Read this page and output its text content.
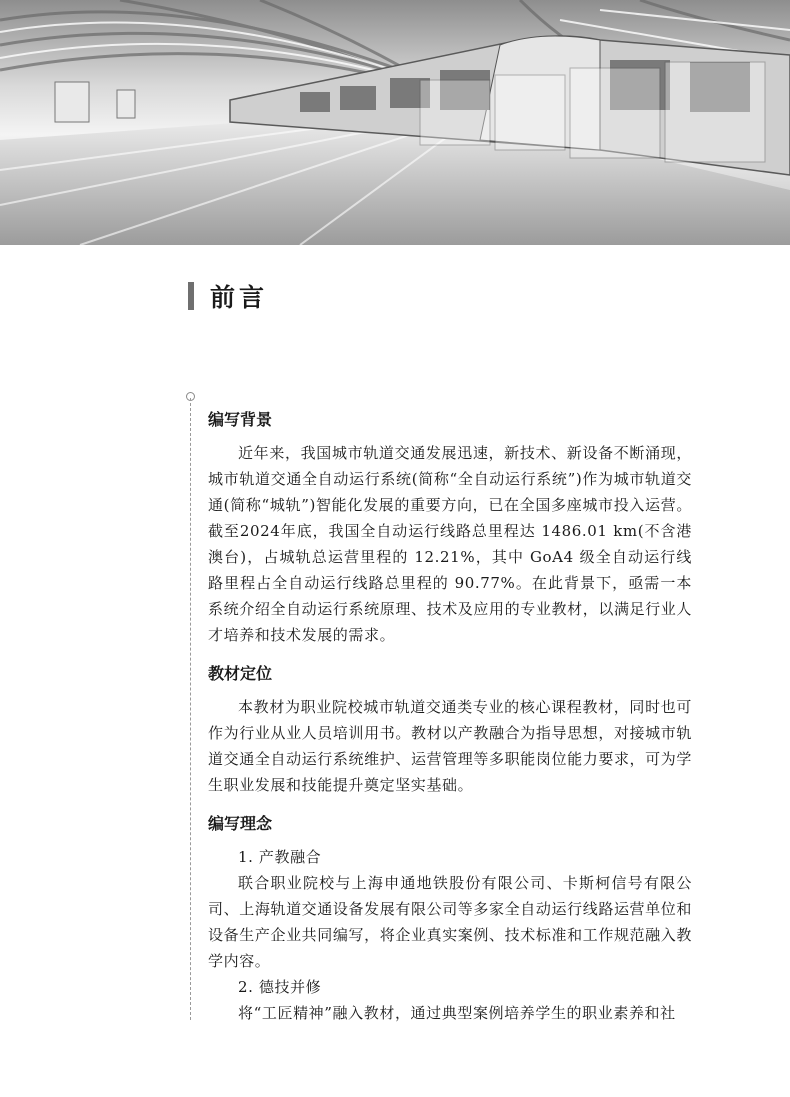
前言
编写背景

近年来，我国城市轨道交通发展迅速，新技术、新设备不断涌现，城市轨道交通全自动运行系统(简称“全自动运行系统”)作为城市轨道交通(简称“城轨”)智能化发展的重要方向，已在全国多座城市投入运营。截至2024年底，我国全自动运行线路总里程达 1486.01 km(不含港澳台)，占城轨总运营里程的 12.21%，其中 GoA4 级全自动运行线路里程占全自动运行线路总里程的 90.77%。在此背景下，亟需一本系统介绍全自动运行系统原理、技术及应用的专业教材，以满足行业人才培养和技术发展的需求。

教材定位

本教材为职业院校城市轨道交通类专业的核心课程教材，同时也可作为行业从业人员培训用书。教材以产教融合为指导思想，对接城市轨道交通全自动运行系统维护、运营管理等多职能岗位能力要求，可为学生职业发展和技能提升奠定坚实基础。

编写理念

1. 产教融合

联合职业院校与上海申通地铁股份有限公司、卡斯柯信号有限公司、上海轨道交通设备发展有限公司等多家全自动运行线路运营单位和设备生产企业共同编写，将企业真实案例、技术标准和工作规范融入教学内容。

2. 德技并修

将“工匠精神”融入教材，通过典型案例培养学生的职业素养和社
